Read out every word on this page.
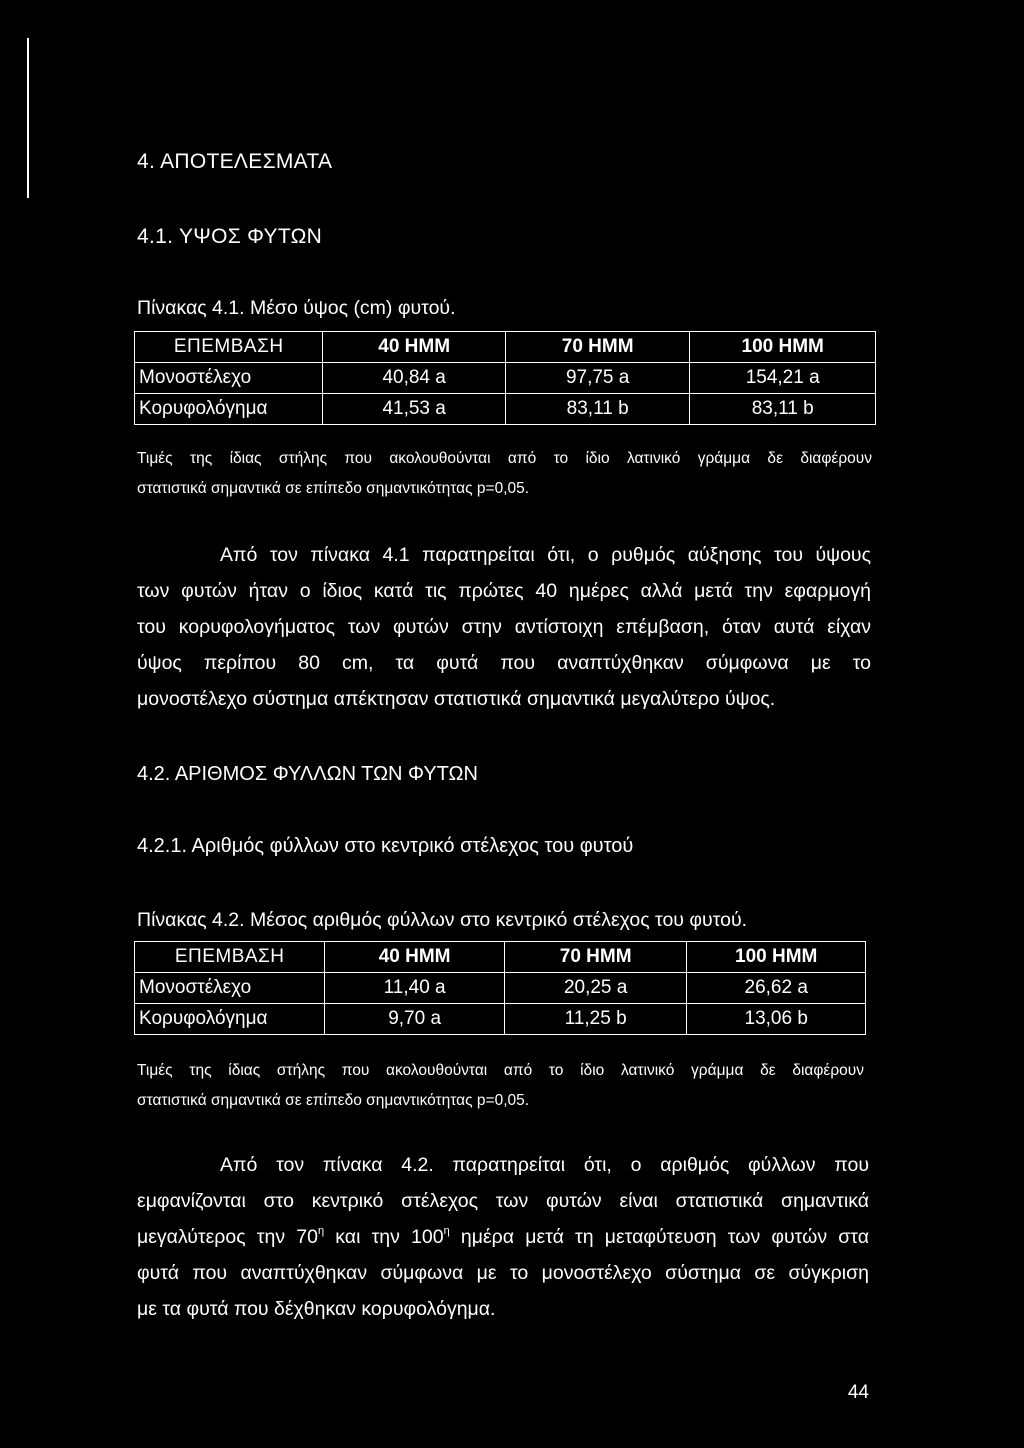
4. ΑΠΟΤΕΛΕΣΜΑΤΑ
4.1. ΥΨΟΣ ΦΥΤΩΝ
Πίνακας 4.1. Μέσο ύψος (cm) φυτού.
ΕΠΕΜΒΑΣΗ	40 ΗΜΜ	70 ΗΜΜ	100 ΗΜΜ
Μονοστέλεχο	40,84 a	97,75 a	154,21 a
Κορυφολόγημα	41,53 a	83,11 b	83,11 b
Τιμές της ίδιας στήλης που ακολουθούνται από το ίδιο λατινικό γράμμα δε διαφέρουν
στατιστικά σημαντικά σε επίπεδο σημαντικότητας p=0,05.
Από τον πίνακα 4.1 παρατηρείται ότι, ο ρυθμός αύξησης του ύψους
των φυτών ήταν ο ίδιος κατά τις πρώτες 40 ημέρες αλλά μετά την εφαρμογή
του κορυφολογήματος των φυτών στην αντίστοιχη επέμβαση, όταν αυτά είχαν
ύψος περίπου 80 cm, τα φυτά που αναπτύχθηκαν σύμφωνα με το
μονοστέλεχο σύστημα απέκτησαν στατιστικά σημαντικά μεγαλύτερο ύψος.
4.2. ΑΡΙΘΜΟΣ ΦΥΛΛΩΝ ΤΩΝ ΦΥΤΩΝ
4.2.1. Αριθμός φύλλων στο κεντρικό στέλεχος του φυτού
Πίνακας 4.2. Μέσος αριθμός φύλλων στο κεντρικό στέλεχος του φυτού.
ΕΠΕΜΒΑΣΗ	40 ΗΜΜ	70 ΗΜΜ	100 ΗΜΜ
Μονοστέλεχο	11,40 a	20,25 a	26,62 a
Κορυφολόγημα	9,70 a	11,25 b	13,06 b
Τιμές της ίδιας στήλης που ακολουθούνται από το ίδιο λατινικό γράμμα δε διαφέρουν
στατιστικά σημαντικά σε επίπεδο σημαντικότητας p=0,05.
Από τον πίνακα 4.2. παρατηρείται ότι, ο αριθμός φύλλων που
εμφανίζονται στο κεντρικό στέλεχος των φυτών είναι στατιστικά σημαντικά
μεγαλύτερος την $70^\eta$ και την $100^\eta$ ημέρα μετά τη μεταφύτευση των φυτών στα
φυτά που αναπτύχθηκαν σύμφωνα με το μονοστέλεχο σύστημα σε σύγκριση
με τα φυτά που δέχθηκαν κορυφολόγημα.
44
